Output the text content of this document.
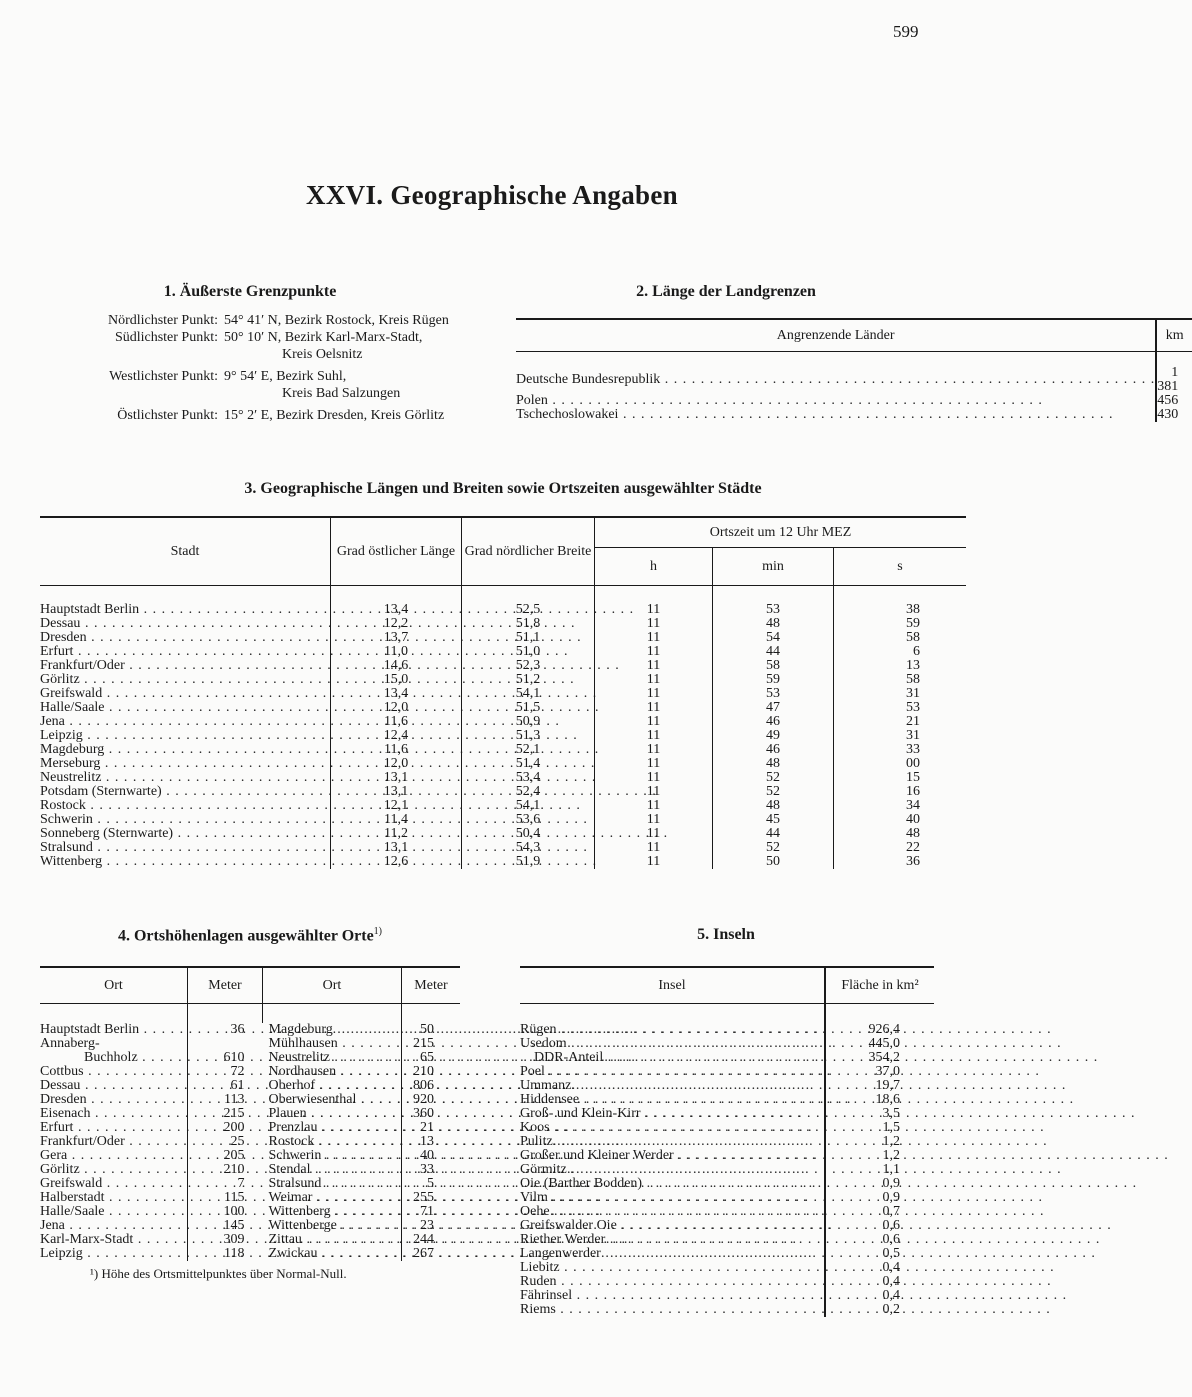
599
XXVI. Geographische Angaben
1. Äußerste Grenzpunkte
Nördlichster Punkt: 54° 41′ N, Bezirk Rostock, Kreis Rügen
Südlichster Punkt: 50° 10′ N, Bezirk Karl-Marx-Stadt,
Kreis Oelsnitz
Westlichster Punkt: 9° 54′ E, Bezirk Suhl,
Kreis Bad Salzungen
Östlichster Punkt: 15° 2′ E, Bezirk Dresden, Kreis Görlitz
2. Länge der Landgrenzen
Angrenzende Länder	km

Deutsche Bundesrepublik . . .	1 381
Polen . . .	456
Tschechoslowakei . . .	430
3. Geographische Längen und Breiten sowie Ortszeiten ausgewählter Städte
Stadt	Grad östlicher Länge	Grad nördlicher Breite	Ortszeit um 12 Uhr MEZ		
			h	min	s

Hauptstadt Berlin . . .	13,4	52,5	11	53	38
Dessau . . .	12,2	51,8	11	48	59
Dresden . . .	13,7	51,1	11	54	58
Erfurt . . .	11,0	51,0	11	44	6
Frankfurt/Oder . . .	14,6	52,3	11	58	13
Görlitz . . .	15,0	51,2	11	59	58
Greifswald . . .	13,4	54,1	11	53	31
Halle/Saale . . .	12,0	51,5	11	47	53
Jena . . .	11,6	50,9	11	46	21
Leipzig . . .	12,4	51,3	11	49	31
Magdeburg . . .	11,6	52,1	11	46	33
Merseburg . . .	12,0	51,4	11	48	00
Neustrelitz . . .	13,1	53,4	11	52	15
Potsdam (Sternwarte) . . .	13,1	52,4	11	52	16
Rostock . . .	12,1	54,1	11	48	34
Schwerin . . .	11,4	53,6	11	45	40
Sonneberg (Sternwarte) . . .	11,2	50,4	11	44	48
Stralsund . . .	13,1	54,3	11	52	22
Wittenberg . . .	12,6	51,9	11	50	36
4. Ortshöhenlagen ausgewählter Orte$^{1)}$
Ort	Meter	Ort	Meter

Hauptstadt Berlin . . .	36	Magdeburg . . .	50
Annaberg-		Mühlhausen . . .	215
Buchholz . . .	610	Neustrelitz . . .	65
Cottbus . . .	72	Nordhausen . . .	210
Dessau . . .	61	Oberhof . . .	806
Dresden . . .	113	Oberwiesenthal . . .	920
Eisenach . . .	215	Plauen . . .	360
Erfurt . . .	200	Prenzlau . . .	21
Frankfurt/Oder . . .	25	Rostock . . .	13
Gera . . .	205	Schwerin . . .	40
Görlitz . . .	210	Stendal . . .	33
Greifswald . . .	7	Stralsund . . .	5
Halberstadt . . .	115	Weimar . . .	255
Halle/Saale . . .	100	Wittenberg . . .	71
Jena . . .	145	Wittenberge . . .	23
Karl-Marx-Stadt . . .	309	Zittau . . .	244
Leipzig . . .	118	Zwickau . . .	267
¹) Höhe des Ortsmittelpunktes über Normal-Null.
5. Inseln
Insel	Fläche in km²

Rügen . . .	926,4
Usedom . . .	445,0
DDR-Anteil . . .	354,2
Poel . . .	37,0
Ummanz . . .	19,7
Hiddensee . . .	18,6
Groß- und Klein-Kirr . . .	3,5
Koos . . .	1,5
Pulitz . . .	1,2
Großer und Kleiner Werder . . .	1,2
Görmitz . . .	1,1
Oie (Barther Bodden) . . .	0,9
Vilm . . .	0,9
Oehe . . .	0,7
Greifswalder Oie . . .	0,6
Riether Werder . . .	0,6
Langenwerder . . .	0,5
Liebitz . . .	0,4
Ruden . . .	0,4
Fährinsel . . .	0,4
Riems . . .	0,2
